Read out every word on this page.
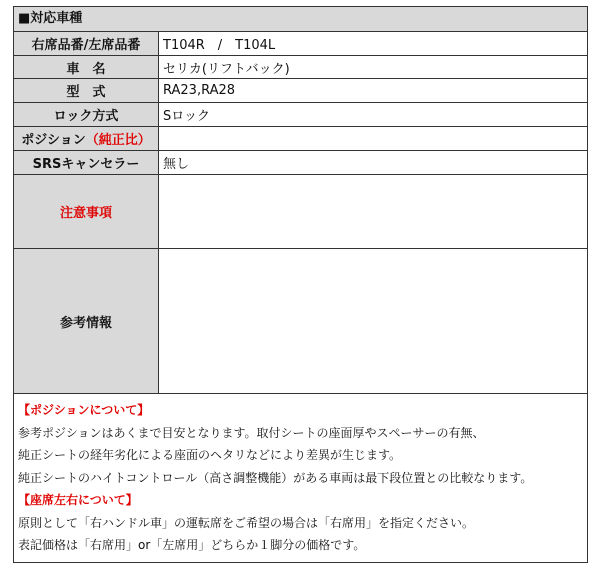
■対応車種
右席品番/左席品番	T104R　/　T104L
車　名	セリカ(リフトバック)
型　式	RA23,RA28
ロック方式	Sロック
ポジション （純正比）
SRSキャンセラー	無し
注意事項
参考情報
【ポジションについて】
参考ポジションはあくまで目安となります。取付シートの座面厚やスペーサーの有無、
純正シートの経年劣化による座面のヘタリなどにより差異が生じます。
純正シートのハイトコントロール（高さ調整機能）がある車両は最下段位置との比較なります。
【座席左右について】
原則として「右ハンドル車」の運転席をご希望の場合は「右席用」を指定ください。
表記価格は「右席用」or「左席用」どちらか１脚分の価格です。
